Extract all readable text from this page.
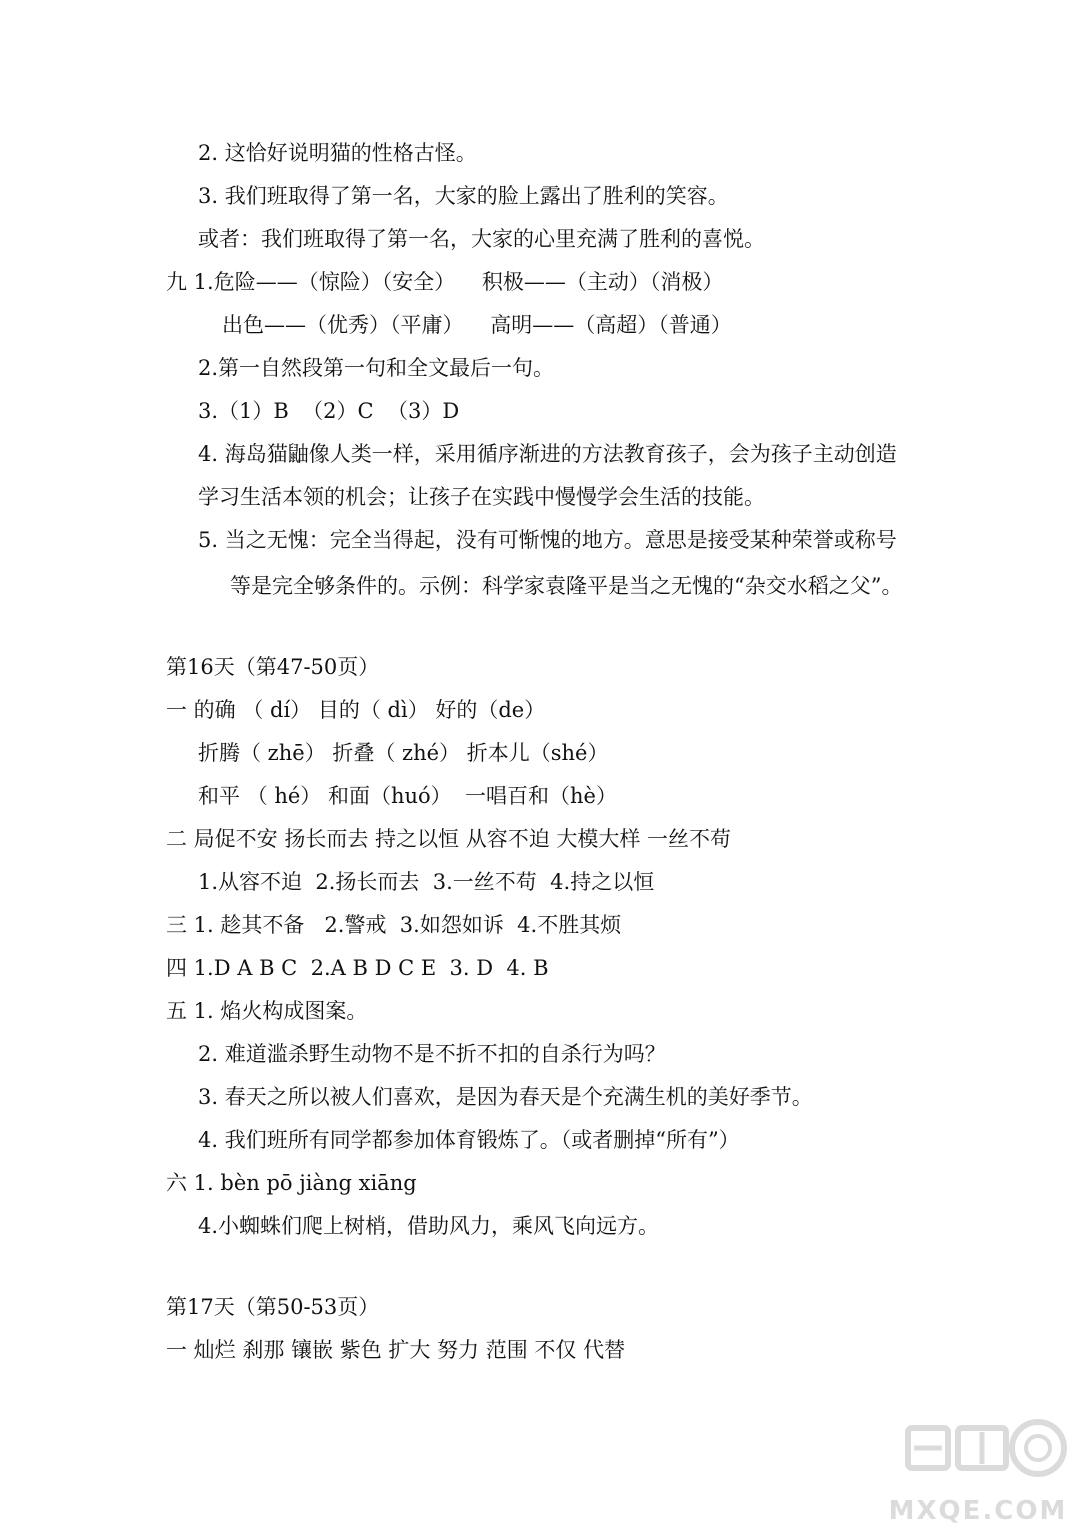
2. 这恰好说明猫的性格古怪。
3. 我们班取得了第一名，大家的脸上露出了胜利的笑容。
或者：我们班取得了第一名，大家的心里充满了胜利的喜悦。
九 1.危险——（惊险）（安全）    积极——（主动）（消极）
出色——（优秀）（平庸）    高明——（高超）（普通）
2.第一自然段第一句和全文最后一句。
3.（1）B  （2）C  （3）D
4. 海岛猫鼬像人类一样，采用循序渐进的方法教育孩子，会为孩子主动创造
学习生活本领的机会；让孩子在实践中慢慢学会生活的技能。
5. 当之无愧：完全当得起，没有可惭愧的地方。意思是接受某种荣誉或称号
等是完全够条件的。示例：科学家袁隆平是当之无愧的“杂交水稻之父”。
第16天（第47-50页）
一 的确 （ dí） 目的（ dì） 好的（de）
折腾（ zhē） 折叠（ zhé） 折本儿（shé）
和平 （ hé） 和面（huó）  一唱百和（hè）
二 局促不安 扬长而去 持之以恒 从容不迫 大模大样 一丝不苟
1.从容不迫  2.扬长而去  3.一丝不苟  4.持之以恒
三 1. 趁其不备   2.警戒  3.如怨如诉  4.不胜其烦
四 1.D A B C  2.A B D C E  3. D  4. B
五 1. 焰火构成图案。
2. 难道滥杀野生动物不是不折不扣的自杀行为吗？
3. 春天之所以被人们喜欢，是因为春天是个充满生机的美好季节。
4. 我们班所有同学都参加体育锻炼了。（或者删掉“所有”）
六 1. bèn pō jiàng xiāng
4.小蜘蛛们爬上树梢，借助风力，乘风飞向远方。
第17天（第50-53页）
一 灿烂 刹那 镶嵌 紫色 扩大 努力 范围 不仅 代替
MXQE.COM
